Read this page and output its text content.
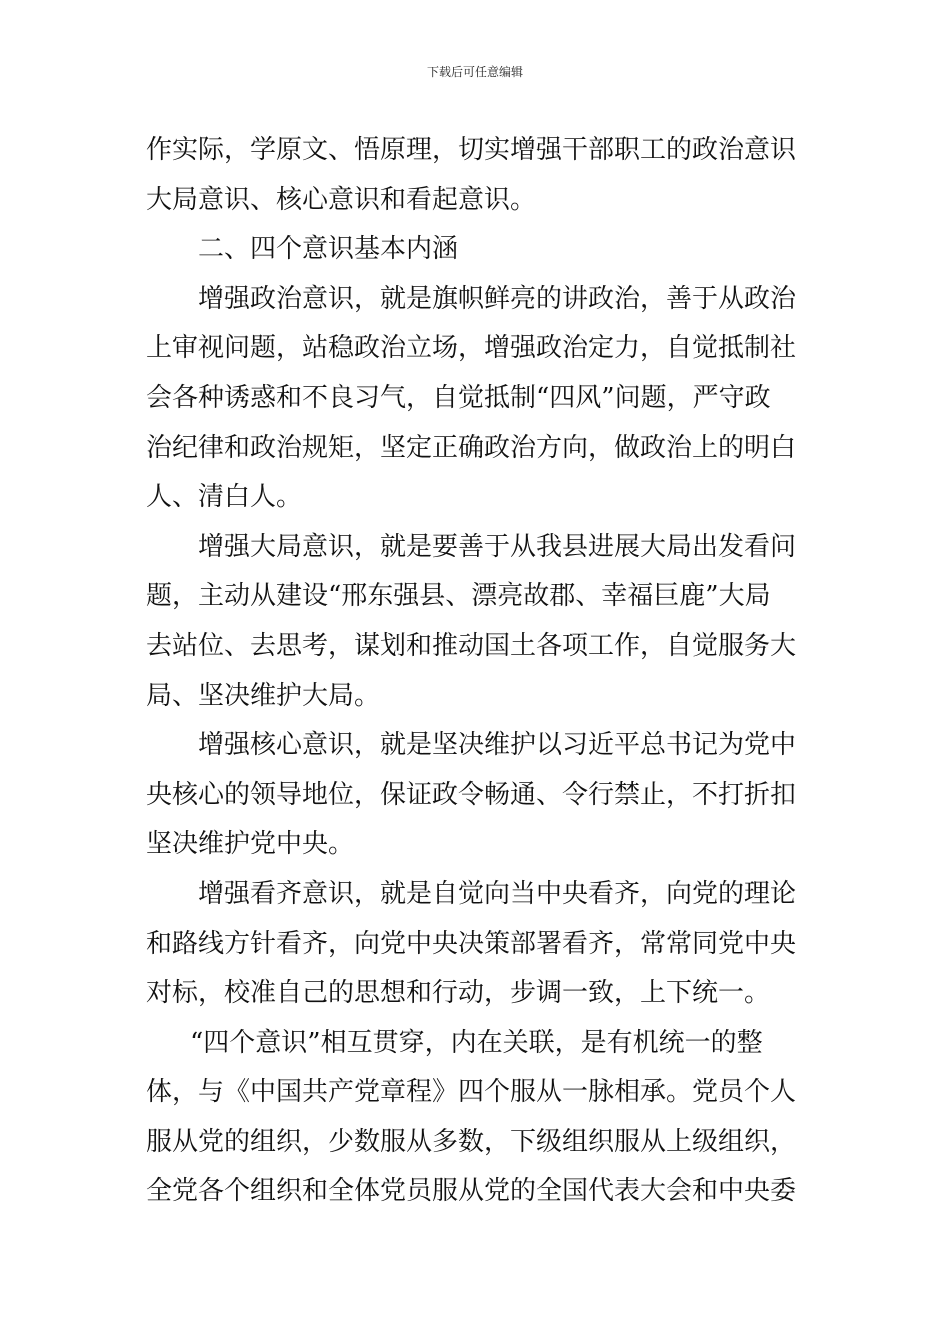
下载后可任意编辑
作实际，学原文、悟原理，切实增强干部职工的政治意识
大局意识、核心意识和看起意识。
二、四个意识基本内涵
增强政治意识，就是旗帜鲜亮的讲政治，善于从政治
上审视问题，站稳政治立场，增强政治定力，自觉抵制社
会各种诱惑和不良习气，自觉抵制“四风”问题，严守政
治纪律和政治规矩，坚定正确政治方向，做政治上的明白
人、清白人。
增强大局意识，就是要善于从我县进展大局出发看问
题，主动从建设“邢东强县、漂亮故郡、幸福巨鹿”大局
去站位、去思考，谋划和推动国土各项工作，自觉服务大
局、坚决维护大局。
增强核心意识，就是坚决维护以习近平总书记为党中
央核心的领导地位，保证政令畅通、令行禁止，不打折扣
坚决维护党中央。
增强看齐意识，就是自觉向当中央看齐，向党的理论
和路线方针看齐，向党中央决策部署看齐，常常同党中央
对标，校准自己的思想和行动，步调一致，上下统一。
“四个意识”相互贯穿，内在关联，是有机统一的整
体，与《中国共产党章程》四个服从一脉相承。党员个人
服从党的组织，少数服从多数，下级组织服从上级组织，
全党各个组织和全体党员服从党的全国代表大会和中央委
